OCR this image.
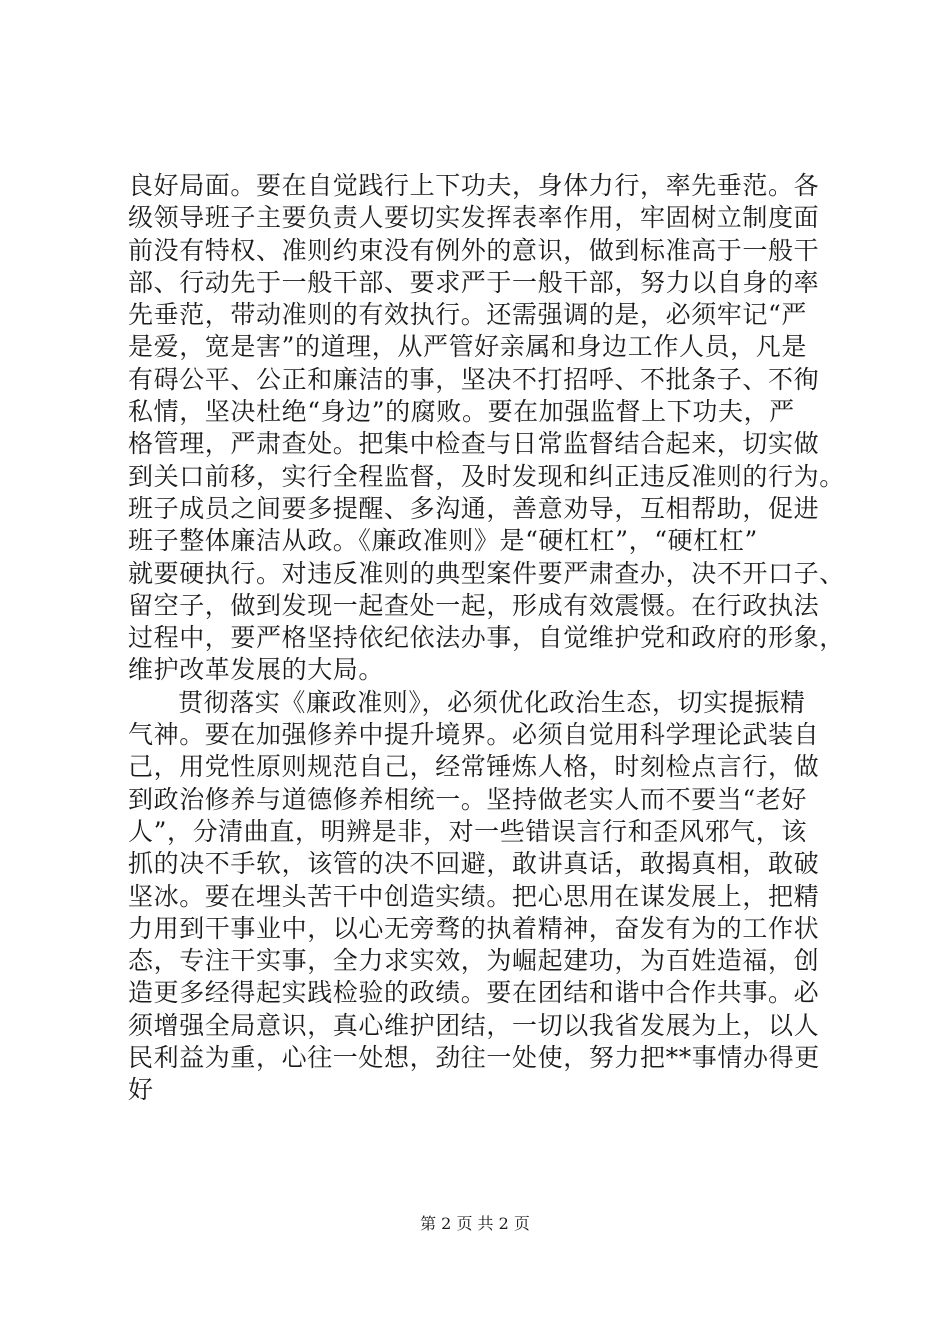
良好局面。要在自觉践行上下功夫，身体力行，率先垂范。各
级领导班子主要负责人要切实发挥表率作用，牢固树立制度面
前没有特权、准则约束没有例外的意识，做到标准高于一般干
部、行动先于一般干部、要求严于一般干部，努力以自身的率
先垂范，带动准则的有效执行。还需强调的是，必须牢记“严
是爱，宽是害”的道理，从严管好亲属和身边工作人员，凡是
有碍公平、公正和廉洁的事，坚决不打招呼、不批条子、不徇
私情，坚决杜绝“身边”的腐败。要在加强监督上下功夫，严
格管理，严肃查处。把集中检查与日常监督结合起来，切实做
到关口前移，实行全程监督，及时发现和纠正违反准则的行为。
班子成员之间要多提醒、多沟通，善意劝导，互相帮助，促进
班子整体廉洁从政。《廉政准则》是“硬杠杠”，“硬杠杠”
就要硬执行。对违反准则的典型案件要严肃查办，决不开口子、
留空子，做到发现一起查处一起，形成有效震慑。在行政执法
过程中，要严格坚持依纪依法办事，自觉维护党和政府的形象，
维护改革发展的大局。
贯彻落实《廉政准则》，必须优化政治生态，切实提振精
气神。要在加强修养中提升境界。必须自觉用科学理论武装自
己，用党性原则规范自己，经常锤炼人格，时刻检点言行，做
到政治修养与道德修养相统一。坚持做老实人而不要当“老好
人”，分清曲直，明辨是非，对一些错误言行和歪风邪气，该
抓的决不手软，该管的决不回避，敢讲真话，敢揭真相，敢破
坚冰。要在埋头苦干中创造实绩。把心思用在谋发展上，把精
力用到干事业中，以心无旁骛的执着精神，奋发有为的工作状
态，专注干实事，全力求实效，为崛起建功，为百姓造福，创
造更多经得起实践检验的政绩。要在团结和谐中合作共事。必
须增强全局意识，真心维护团结，一切以我省发展为上，以人
民利益为重，心往一处想，劲往一处使，努力把**事情办得更
好
第 2 页 共 2 页
